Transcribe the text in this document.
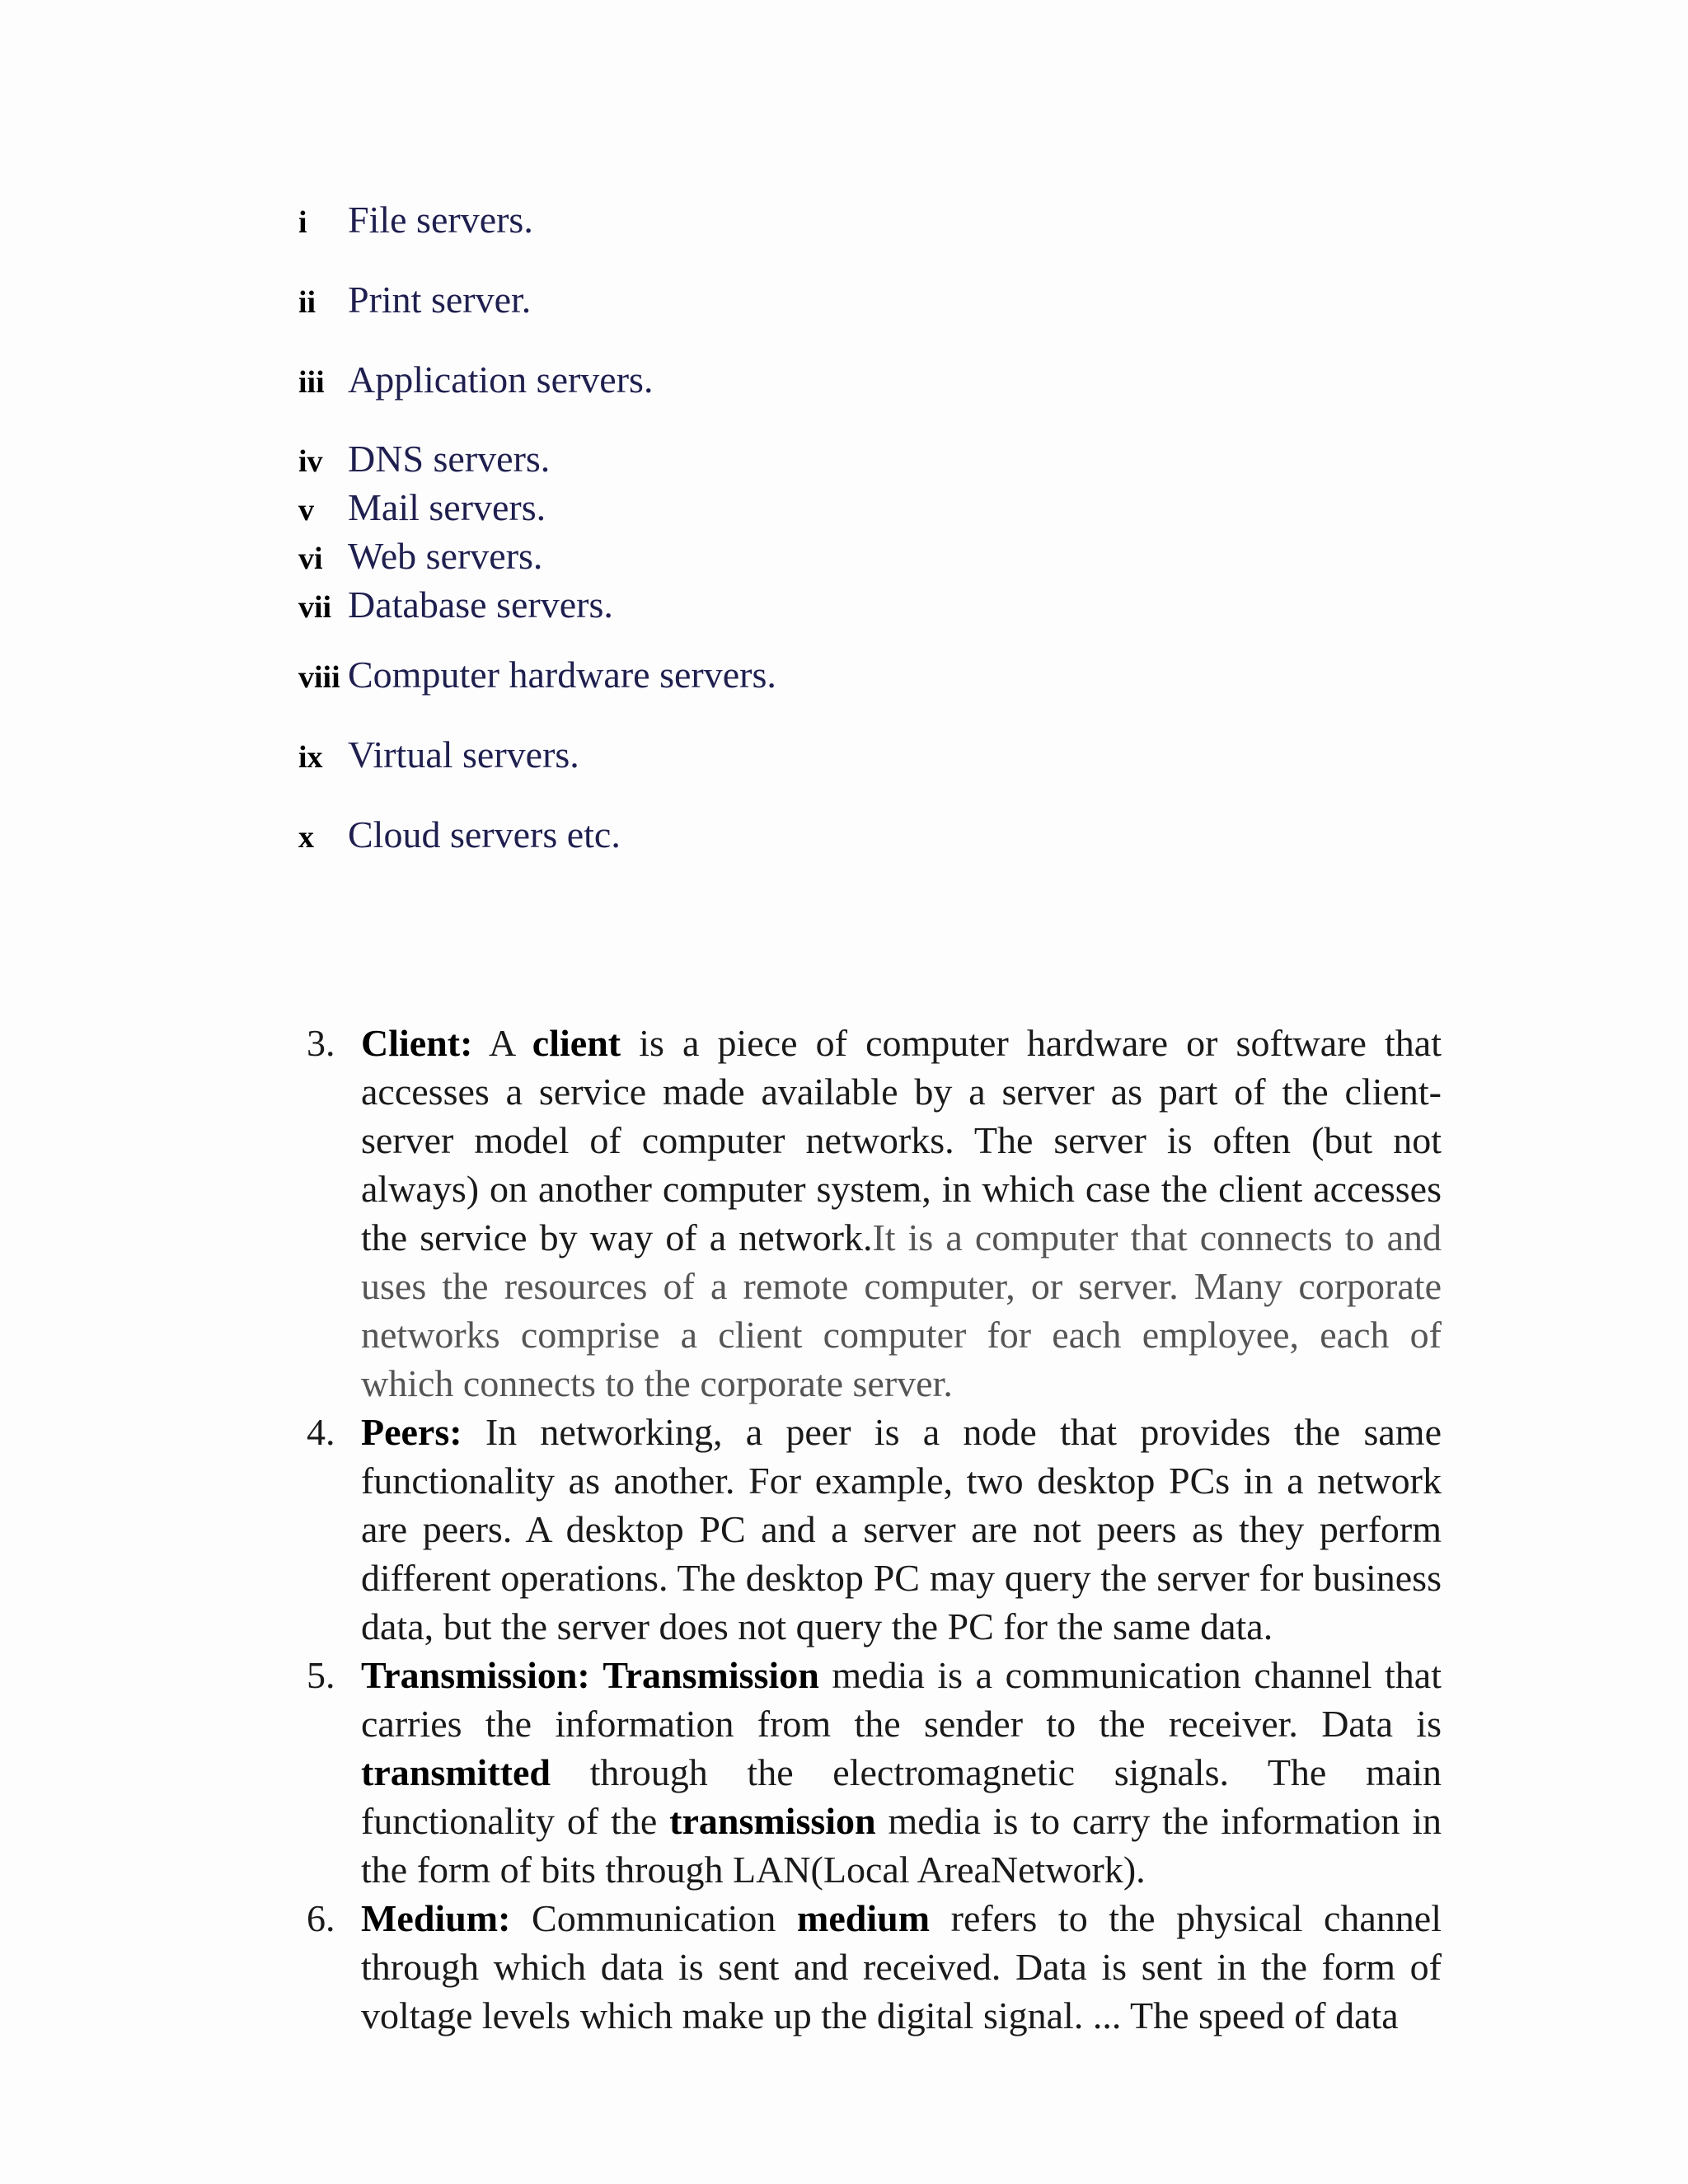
i	File servers.
ii Print server.
iii Application servers.
iv DNS servers.
v Mail servers.
vi Web servers.
vii Database servers.
viii Computer hardware servers.
ix Virtual servers.
x Cloud servers etc.
3. Client: A client is a piece of computer hardware or software that accesses a service made available by a server as part of the client-server model of computer networks. The server is often (but not always) on another computer system, in which case the client accesses the service by way of a network.It is a computer that connects to and uses the resources of a remote computer, or server. Many corporate networks comprise a client computer for each employee, each of which connects to the corporate server.
4. Peers: In networking, a peer is a node that provides the same functionality as another. For example, two desktop PCs in a network are peers. A desktop PC and a server are not peers as they perform different operations. The desktop PC may query the server for business data, but the server does not query the PC for the same data.
5. Transmission: Transmission media is a communication channel that carries the information from the sender to the receiver. Data is transmitted through the electromagnetic signals. The main functionality of the transmission media is to carry the information in the form of bits through LAN(Local AreaNetwork).
6. Medium: Communication medium refers to the physical channel through which data is sent and received. Data is sent in the form of voltage levels which make up the digital signal. ... The speed of data
